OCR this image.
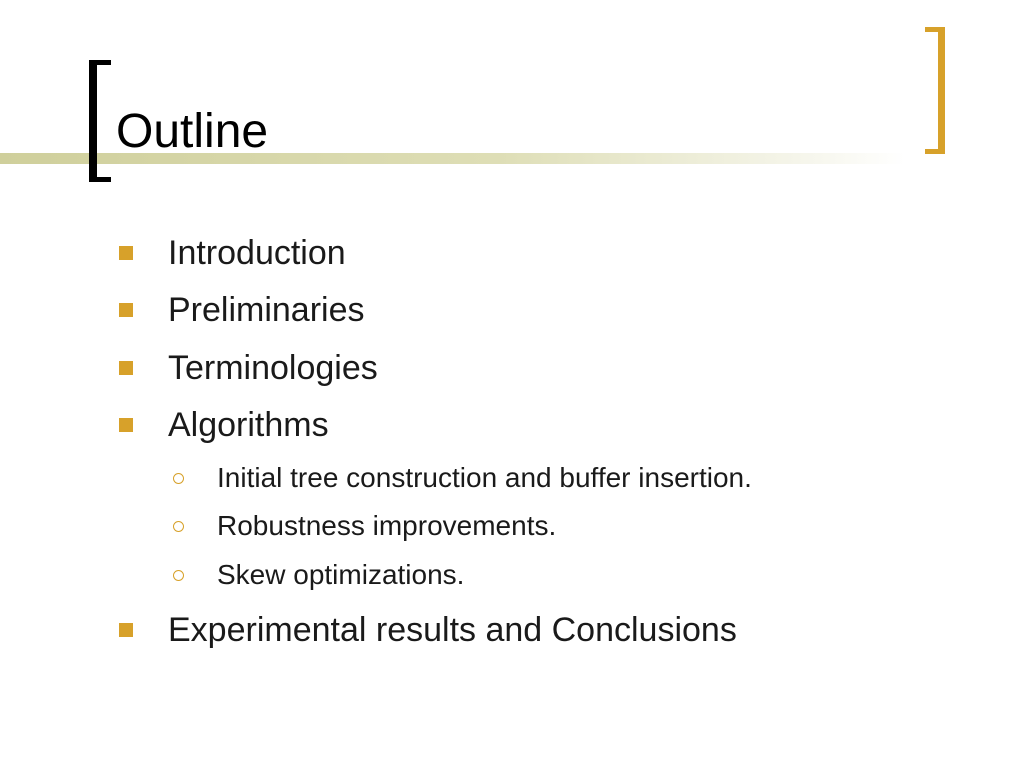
Outline
Introduction
Preliminaries
Terminologies
Algorithms
Initial tree construction and buffer insertion.
Robustness improvements.
Skew optimizations.
Experimental results and Conclusions
